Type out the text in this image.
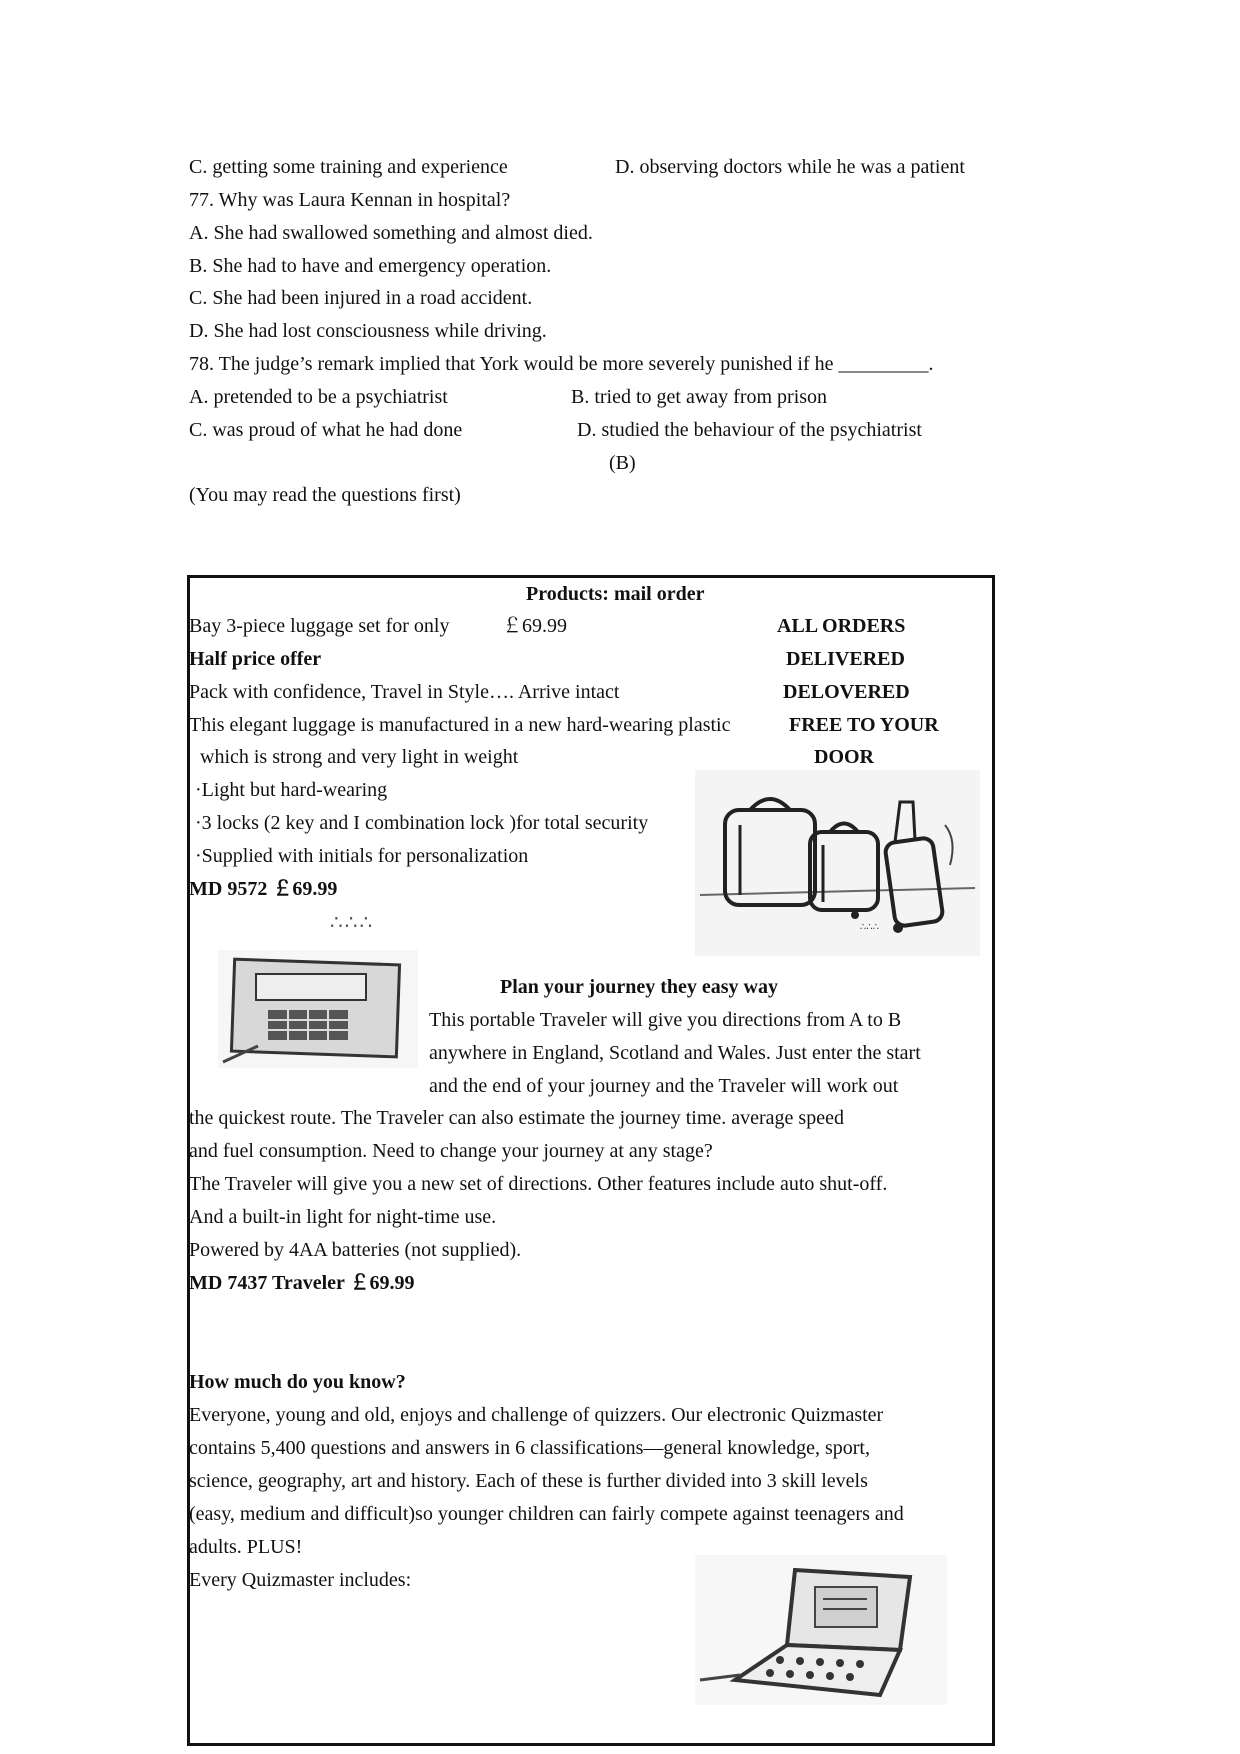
C. getting some training and experience	D. observing doctors while he was a patient
77. Why was Laura Kennan in hospital?
A. She had swallowed something and almost died.
B. She had to have and emergency operation.
C. She had been injured in a road accident.
D. She had lost consciousness while driving.
78. The judge’s remark implied that York would be more severely punished if he _________.
A. pretended to be a psychiatrist	B. tried to get away from prison
C. was proud of what he had done	D. studied the behaviour of the psychiatrist
(B)
(You may read the questions first)
Products: mail order
Bay 3-piece luggage set for only	￡69.99
Half price offer
Pack with confidence, Travel in Style…. Arrive intact
This elegant luggage is manufactured in a new hard-wearing plastic
which is strong and very light in weight
·Light but hard-wearing
·3 locks (2 key and I combination lock )for total security
·Supplied with initials for personalization
MD 9572 ￡69.99
ALL ORDERS
DELIVERED
DELOVERED
FREE TO YOUR
DOOR
∴∴∴
∴∴∴
Plan your journey they easy way
This portable Traveler will give you directions from A to B
anywhere in England, Scotland and Wales. Just enter the start
and the end of your journey and the Traveler will work out
the quickest route. The Traveler can also estimate the journey time. average speed
and fuel consumption. Need to change your journey at any stage?
The Traveler will give you a new set of directions. Other features include auto shut-off.
And a built-in light for night-time use.
Powered by 4AA batteries (not supplied).
MD 7437 Traveler ￡69.99
How much do you know?
Everyone, young and old, enjoys and challenge of quizzers. Our electronic Quizmaster
contains 5,400 questions and answers in 6 classifications—general knowledge, sport,
science, geography, art and history. Each of these is further divided into 3 skill levels
(easy, medium and difficult)so younger children can fairly compete against teenagers and
adults. PLUS!
Every Quizmaster includes:
